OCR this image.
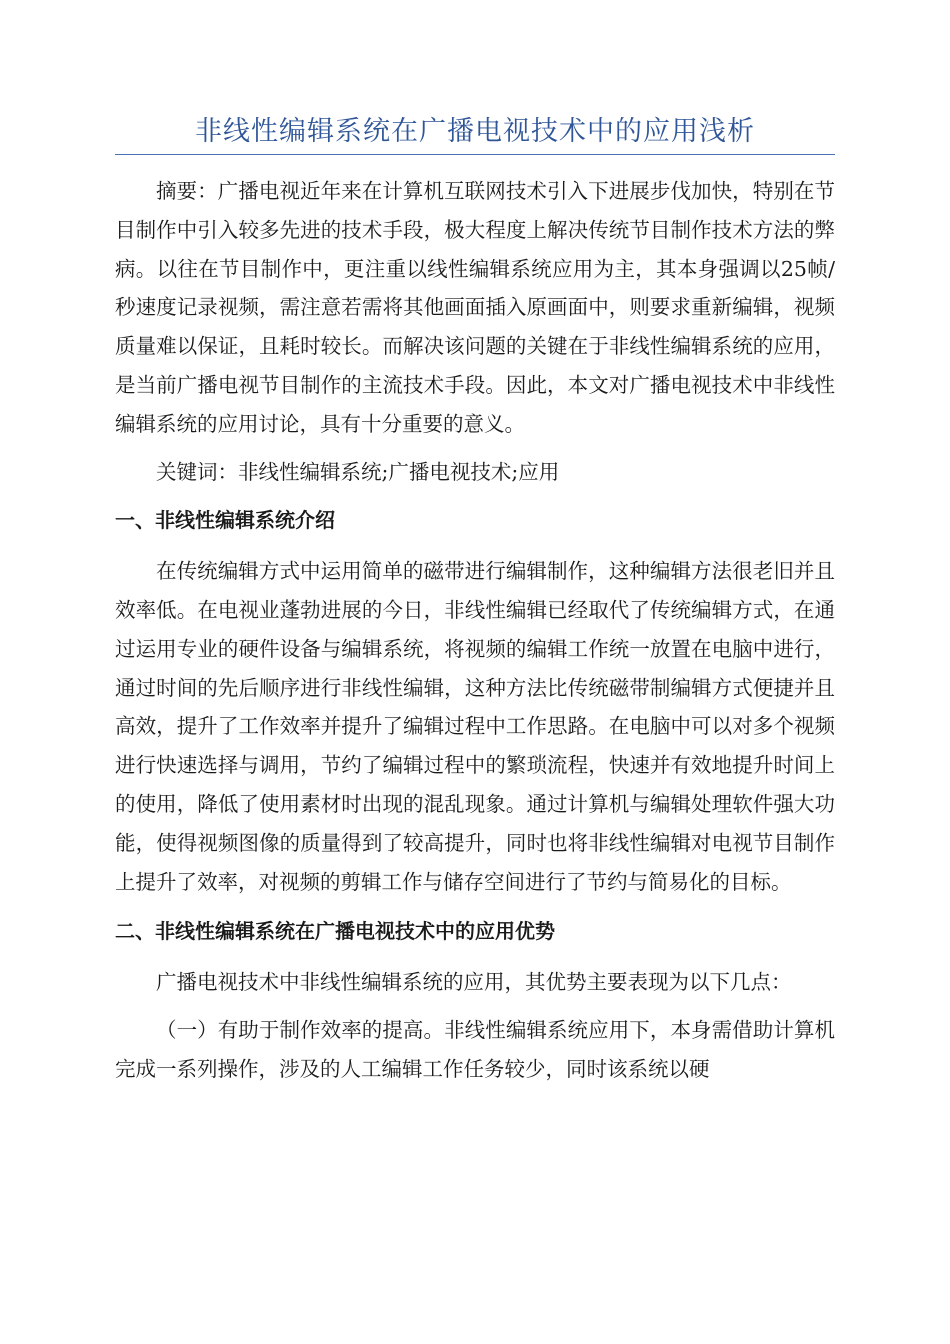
非线性编辑系统在广播电视技术中的应用浅析

摘要：广播电视近年来在计算机互联网技术引入下进展步伐加快，特别在节目制作中引入较多先进的技术手段，极大程度上解决传统节目制作技术方法的弊病。以往在节目制作中，更注重以线性编辑系统应用为主，其本身强调以25帧/秒速度记录视频，需注意若需将其他画面插入原画面中，则要求重新编辑，视频质量难以保证，且耗时较长。而解决该问题的关键在于非线性编辑系统的应用，是当前广播电视节目制作的主流技术手段。因此，本文对广播电视技术中非线性编辑系统的应用讨论，具有十分重要的意义。

关键词：非线性编辑系统;广播电视技术;应用

一、非线性编辑系统介绍

在传统编辑方式中运用简单的磁带进行编辑制作，这种编辑方法很老旧并且效率低。在电视业蓬勃进展的今日，非线性编辑已经取代了传统编辑方式，在通过运用专业的硬件设备与编辑系统，将视频的编辑工作统一放置在电脑中进行，通过时间的先后顺序进行非线性编辑，这种方法比传统磁带制编辑方式便捷并且高效，提升了工作效率并提升了编辑过程中工作思路。在电脑中可以对多个视频进行快速选择与调用，节约了编辑过程中的繁琐流程，快速并有效地提升时间上的使用，降低了使用素材时出现的混乱现象。通过计算机与编辑处理软件强大功能，使得视频图像的质量得到了较高提升，同时也将非线性编辑对电视节目制作上提升了效率，对视频的剪辑工作与储存空间进行了节约与简易化的目标。

二、非线性编辑系统在广播电视技术中的应用优势

广播电视技术中非线性编辑系统的应用，其优势主要表现为以下几点：

（一）有助于制作效率的提高。非线性编辑系统应用下，本身需借助计算机完成一系列操作，涉及的人工编辑工作任务较少，同时该系统以硬
